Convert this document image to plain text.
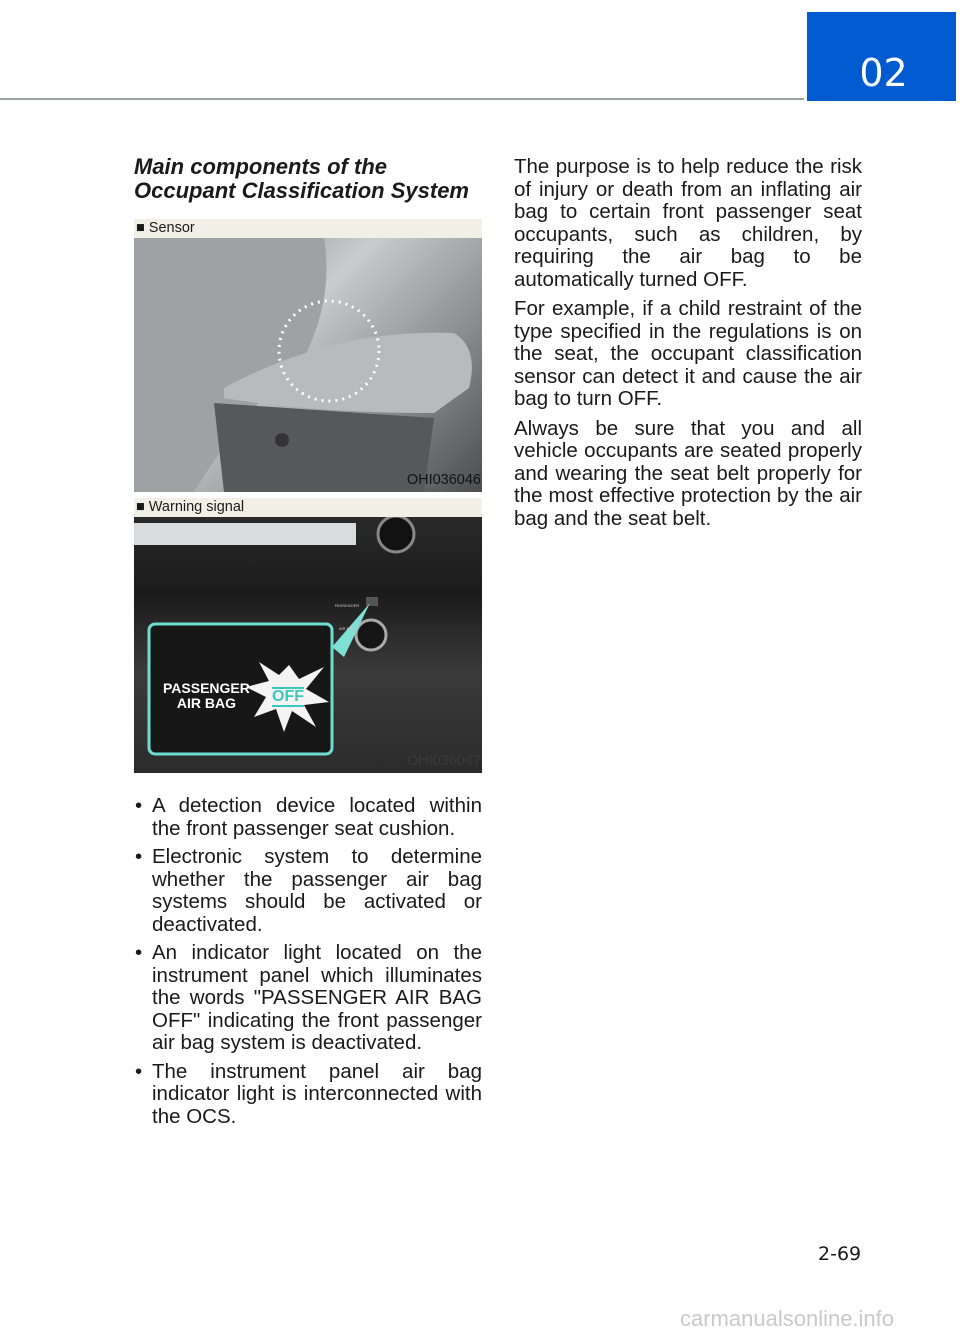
02
Main components of the
Occupant Classification System
■ Sensor
OHI036046
■ Warning signal
PASSENGER
AIR BAG	OFF
PASSENGER AIR BAG
OHI036047
• A detection device located within the front passenger seat cushion.
• Electronic system to determine whether the passenger air bag systems should be activated or deactivated.
• An indicator light located on the instrument panel which illuminates the words "PASSENGER AIR BAG OFF" indicating the front passenger air bag system is deactivated.
• The instrument panel air bag indicator light is interconnected with the OCS.

The purpose is to help reduce the risk of injury or death from an inflating air bag to certain front passenger seat occupants, such as children, by requiring the air bag to be automatically turned OFF.

For example, if a child restraint of the type specified in the regulations is on the seat, the occupant classification sensor can detect it and cause the air bag to turn OFF.

Always be sure that you and all vehicle occupants are seated properly and wearing the seat belt properly for the most effective protection by the air bag and the seat belt.

2-69
carmanualsonline.info
